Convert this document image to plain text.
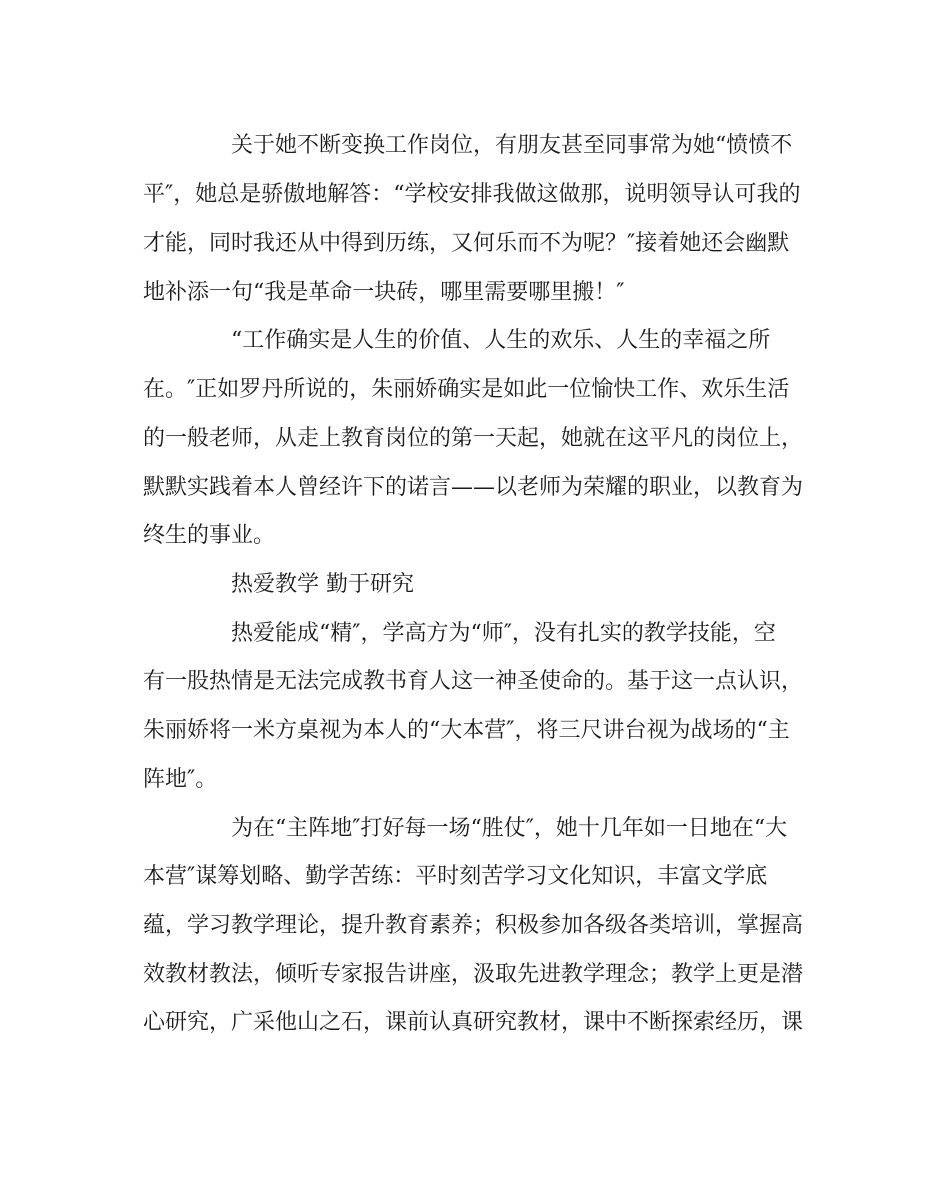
关于她不断变换工作岗位，有朋友甚至同事常为她“愤愤不

平″，她总是骄傲地解答：“学校安排我做这做那，说明领导认可我的

才能，同时我还从中得到历练，又何乐而不为呢？″接着她还会幽默

地补添一句“我是革命一块砖，哪里需要哪里搬！″

“工作确实是人生的价值、人生的欢乐、人生的幸福之所

在。″正如罗丹所说的，朱丽娇确实是如此一位愉快工作、欢乐生活

的一般老师，从走上教育岗位的第一天起，她就在这平凡的岗位上，

默默实践着本人曾经许下的诺言——以老师为荣耀的职业，以教育为

终生的事业。

热爱教学 勤于研究

热爱能成“精″，学高方为“师″，没有扎实的教学技能，空

有一股热情是无法完成教书育人这一神圣使命的。基于这一点认识，

朱丽娇将一米方桌视为本人的“大本营″，将三尺讲台视为战场的“主

阵地″。

为在“主阵地″打好每一场“胜仗″，她十几年如一日地在“大

本营″谋筹划略、勤学苦练：平时刻苦学习文化知识，丰富文学底

蕴，学习教学理论，提升教育素养；积极参加各级各类培训，掌握高

效教材教法，倾听专家报告讲座，汲取先进教学理念；教学上更是潜

心研究，广采他山之石，课前认真研究教材，课中不断探索经历，课
